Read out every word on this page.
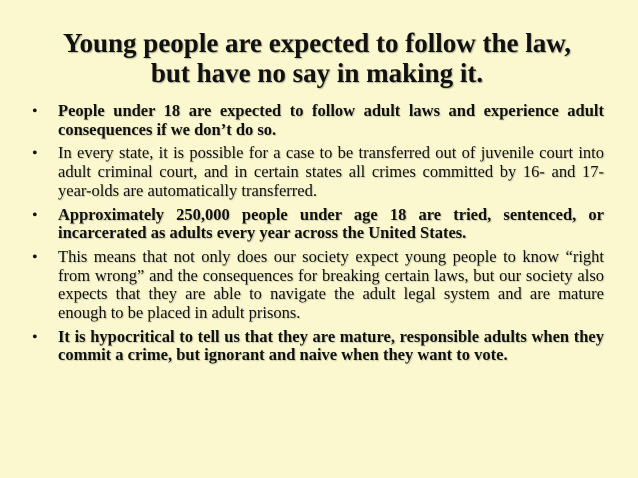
Young people are expected to follow the law,
but have no say in making it.
•	People under 18 are expected to follow adult laws and experience adult consequences if we don’t do so.
•	In every state, it is possible for a case to be transferred out of juvenile court into adult criminal court, and in certain states all crimes committed by 16- and 17-year-olds are automatically transferred.
•	Approximately 250,000 people under age 18 are tried, sentenced, or incarcerated as adults every year across the United States.
•	This means that not only does our society expect young people to know “right from wrong” and the consequences for breaking certain laws, but our society also expects that they are able to navigate the adult legal system and are mature enough to be placed in adult prisons.
•	It is hypocritical to tell us that they are mature, responsible adults when they commit a crime, but ignorant and naive when they want to vote.
